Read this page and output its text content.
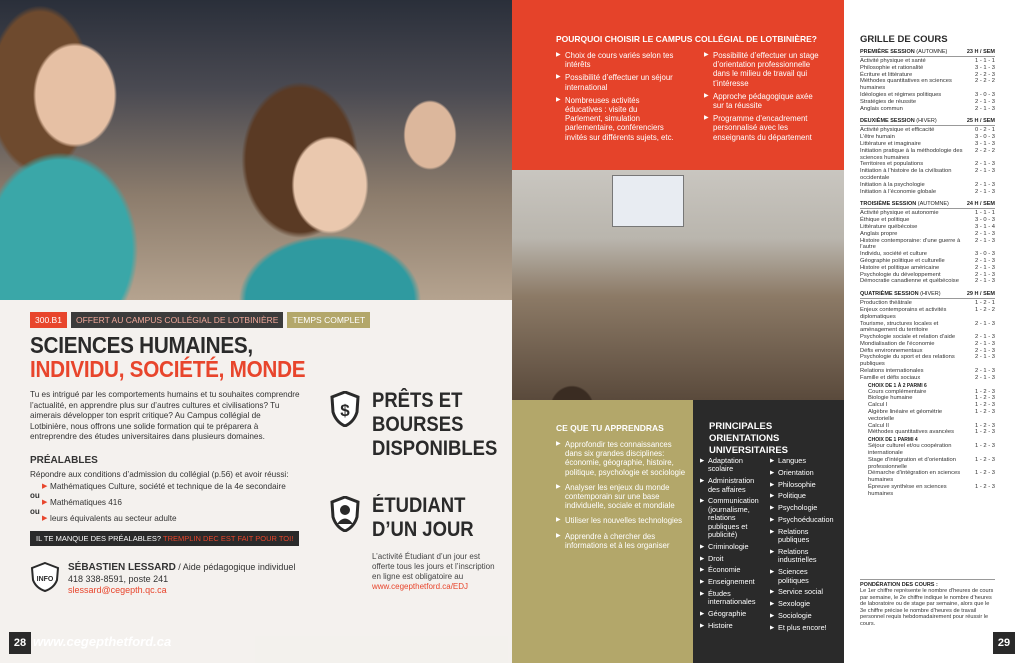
300.B1	OFFERT AU CAMPUS COLLÉGIAL DE LOTBINIÈRE	TEMPS COMPLET
SCIENCES HUMAINES,
INDIVIDU, SOCIÉTÉ, MONDE

Tu es intrigué par les comportements humains et tu souhaites comprendre l’actualité, en apprendre plus sur d’autres cultures et civilisations? Tu aimerais développer ton esprit critique? Au Campus collégial de Lotbinière, nous offrons une solide formation qui te préparera à entreprendre des études universitaires dans plusieurs domaines.

PRÉALABLES
Répondre aux conditions d’admission du collégial (p.56) et avoir réussi:
▶ Mathématiques Culture, société et technique de la 4e secondaire
ou
▶ Mathématiques 416
ou
▶ leurs équivalents au secteur adulte
IL TE MANQUE DES PRÉALABLES? TREMPLIN DEC EST FAIT POUR TOI!
INFO
SÉBASTIEN LESSARD / Aide pédagogique individuel
418 338-8591, poste 241
slessard@cegepth.qc.ca
$ PRÊTS ET
BOURSES
DISPONIBLES
ÉTUDIANT
D’UN JOUR
L’activité Étudiant d’un jour est offerte tous les jours et l’inscription en ligne est obligatoire au www.cegepthetford.ca/EDJ
28 www.cegepthetford.ca
POURQUOI CHOISIR LE CAMPUS COLLÉGIAL DE LOTBINIÈRE?
▶ Choix de cours variés selon tes intérêts
▶ Possibilité d’effectuer un séjour international
▶ Nombreuses activités éducatives : visite du Parlement, simulation parlementaire, conférenciers invités sur différents sujets, etc.
▶ Possibilité d’effectuer un stage d’orientation professionnelle dans le milieu de travail qui t’intéresse
▶ Approche pédagogique axée sur ta réussite
▶ Programme d’encadrement personnalisé avec les enseignants du département
CE QUE TU APPRENDRAS
▶ Approfondir tes connaissances dans six grandes disciplines: économie, géographie, histoire, politique, psychologie et sociologie
▶ Analyser les enjeux du monde contemporain sur une base individuelle, sociale et mondiale
▶ Utiliser les nouvelles technologies
▶ Apprendre à chercher des informations et à les organiser
PRINCIPALES ORIENTATIONS UNIVERSITAIRES
▶ Adaptation scolaire
▶ Administration des affaires
▶ Communication (journalisme, relations publiques et publicité)
▶ Criminologie
▶ Droit
▶ Économie
▶ Enseignement
▶ Études internationales
▶ Géographie
▶ Histoire
▶ Langues
▶ Orientation
▶ Philosophie
▶ Politique
▶ Psychologie
▶ Psychoéducation
▶ Relations publiques
▶ Relations industrielles
▶ Sciences politiques
▶ Service social
▶ Sexologie
▶ Sociologie
▶ Et plus encore!
GRILLE DE COURS
PREMIÈRE SESSION (AUTOMNE)	23 H / SEM
Activité physique et santé	1 - 1 - 1
Philosophie et rationalité	3 - 1 - 3
Écriture et littérature	2 - 2 - 3
Méthodes quantitatives en sciences humaines
2 - 2 - 2
Idéologies et régimes politiques	3 - 0 - 3
Stratégies de réussite	2 - 1 - 3
Anglais commun	2 - 1 - 3
DEUXIÈME SESSION (HIVER)	25 H / SEM
Activité physique et efficacité	0 - 2 - 1
L’être humain	3 - 0 - 3
Littérature et imaginaire	3 - 1 - 3
Initiation pratique à la méthodologie des sciences humaines
2 - 2 - 2
Territoires et populations	2 - 1 - 3
Initiation à l’histoire de la civilisation occidentale
2 - 1 - 3
Initiation à la psychologie	2 - 1 - 3
Initiation à l’économie globale	2 - 1 - 3
TROISIÈME SESSION (AUTOMNE)	24 H / SEM
Activité physique et autonomie	1 - 1 - 1
Éthique et politique	3 - 0 - 3
Littérature québécoise	3 - 1 - 4
Anglais propre	2 - 1 - 3
Histoire contemporaine: d’une guerre à l’autre
2 - 1 - 3
Individu, société et culture	3 - 0 - 3
Géographie politique et culturelle	2 - 1 - 3
Histoire et politique américaine	2 - 1 - 3
Psychologie du développement	2 - 1 - 3
Démocratie canadienne et québécoise	2 - 1 - 3
QUATRIÈME SESSION (HIVER)	29 H / SEM
Production théâtrale	1 - 2 - 1
Enjeux contemporains et activités diplomatiques
1 - 2 - 2
Tourisme, structures locales et aménagement du territoire
2 - 1 - 3
Psychologie sociale et relation d’aide	2 - 1 - 3
Mondialisation de l’économie	2 - 1 - 3
Défis environnementaux	2 - 1 - 3
Psychologie du sport et des relations publiques
2 - 1 - 3
Relations internationales	2 - 1 - 3
Famille et défis sociaux	2 - 1 - 3
CHOIX DE 1 À 2 PARMI 6
Cours complémentaire	1 - 2 - 3
Biologie humaine	1 - 2 - 3
Calcul I	1 - 2 - 3
Algèbre linéaire et géométrie vectorielle
1 - 2 - 3
Calcul II	1 - 2 - 3
Méthodes quantitatives avancées	1 - 2 - 3
CHOIX DE 1 PARMI 4
Séjour culturel et/ou coopération internationale
1 - 2 - 3
Stage d’intégration et d’orientation professionnelle
1 - 2 - 3
Démarche d’intégration en sciences humaines
1 - 2 - 3
Épreuve synthèse en sciences humaines
1 - 2 - 3
PONDÉRATION DES COURS :
Le 1er chiffre représente le nombre d’heures de cours par semaine, le 2e chiffre indique le nombre d’heures de laboratoire ou de stage par semaine, alors que le 3e chiffre précise le nombre d’heures de travail personnel requis hebdomadairement pour réussir le cours.
29
